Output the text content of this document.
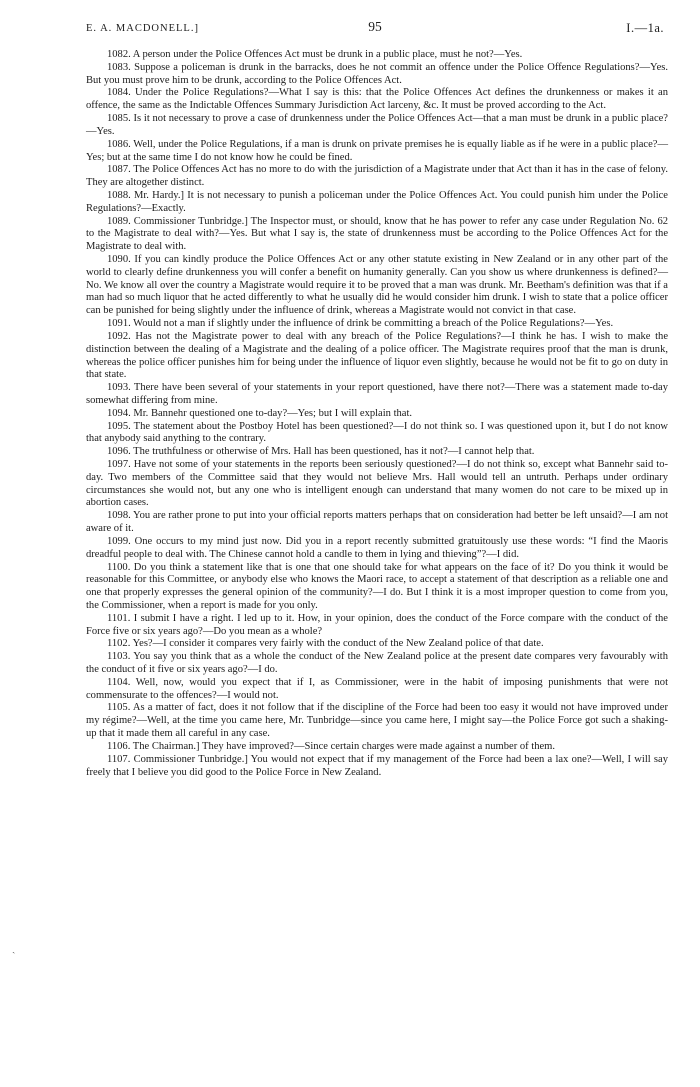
E. A. MACDONELL.]	95	I.—1a.

1082. A person under the Police Offences Act must be drunk in a public place, must he not?—Yes.

1083. Suppose a policeman is drunk in the barracks, does he not commit an offence under the Police Offence Regulations?—Yes. But you must prove him to be drunk, according to the Police Offences Act.

1084. Under the Police Regulations?—What I say is this: that the Police Offences Act defines the drunkenness or makes it an offence, the same as the Indictable Offences Summary Jurisdiction Act larceny, &c. It must be proved according to the Act.

1085. Is it not necessary to prove a case of drunkenness under the Police Offences Act—that a man must be drunk in a public place?—Yes.

1086. Well, under the Police Regulations, if a man is drunk on private premises he is equally liable as if he were in a public place?—Yes; but at the same time I do not know how he could be fined.

1087. The Police Offences Act has no more to do with the jurisdiction of a Magistrate under that Act than it has in the case of felony. They are altogether distinct.

1088. Mr. Hardy.] It is not necessary to punish a policeman under the Police Offences Act. You could punish him under the Police Regulations?—Exactly.

1089. Commissioner Tunbridge.] The Inspector must, or should, know that he has power to refer any case under Regulation No. 62 to the Magistrate to deal with?—Yes. But what I say is, the state of drunkenness must be according to the Police Offences Act for the Magistrate to deal with.

1090. If you can kindly produce the Police Offences Act or any other statute existing in New Zealand or in any other part of the world to clearly define drunkenness you will confer a benefit on humanity generally. Can you show us where drunkenness is defined?—No. We know all over the country a Magistrate would require it to be proved that a man was drunk. Mr. Beetham's definition was that if a man had so much liquor that he acted differently to what he usually did he would consider him drunk. I wish to state that a police officer can be punished for being slightly under the influence of drink, whereas a Magistrate would not convict in that case.

1091. Would not a man if slightly under the influence of drink be committing a breach of the Police Regulations?—Yes.

1092. Has not the Magistrate power to deal with any breach of the Police Regulations?—I think he has. I wish to make the distinction between the dealing of a Magistrate and the dealing of a police officer. The Magistrate requires proof that the man is drunk, whereas the police officer punishes him for being under the influence of liquor even slightly, because he would not be fit to go on duty in that state.

1093. There have been several of your statements in your report questioned, have there not?—There was a statement made to-day somewhat differing from mine.

1094. Mr. Bannehr questioned one to-day?—Yes; but I will explain that.

1095. The statement about the Postboy Hotel has been questioned?—I do not think so. I was questioned upon it, but I do not know that anybody said anything to the contrary.

1096. The truthfulness or otherwise of Mrs. Hall has been questioned, has it not?—I cannot help that.

1097. Have not some of your statements in the reports been seriously questioned?—I do not think so, except what Bannehr said to-day. Two members of the Committee said that they would not believe Mrs. Hall would tell an untruth. Perhaps under ordinary circumstances she would not, but any one who is intelligent enough can understand that many women do not care to be mixed up in abortion cases.

1098. You are rather prone to put into your official reports matters perhaps that on consideration had better be left unsaid?—I am not aware of it.

1099. One occurs to my mind just now. Did you in a report recently submitted gratuitously use these words: “I find the Maoris dreadful people to deal with. The Chinese cannot hold a candle to them in lying and thieving”?—I did.

1100. Do you think a statement like that is one that one should take for what appears on the face of it? Do you think it would be reasonable for this Committee, or anybody else who knows the Maori race, to accept a statement of that description as a reliable one and one that properly expresses the general opinion of the community?—I do. But I think it is a most improper question to come from you, the Commissioner, when a report is made for you only.

1101. I submit I have a right. I led up to it. How, in your opinion, does the conduct of the Force compare with the conduct of the Force five or six years ago?—Do you mean as a whole?

1102. Yes?—I consider it compares very fairly with the conduct of the New Zealand police of that date.

1103. You say you think that as a whole the conduct of the New Zealand police at the present date compares very favourably with the conduct of it five or six years ago?—I do.

1104. Well, now, would you expect that if I, as Commissioner, were in the habit of imposing punishments that were not commensurate to the offences?—I would not.

1105. As a matter of fact, does it not follow that if the discipline of the Force had been too easy it would not have improved under my régime?—Well, at the time you came here, Mr. Tunbridge—since you came here, I might say—the Police Force got such a shaking-up that it made them all careful in any case.

1106. The Chairman.] They have improved?—Since certain charges were made against a number of them.

1107. Commissioner Tunbridge.] You would not expect that if my management of the Force had been a lax one?—Well, I will say freely that I believe you did good to the Police Force in New Zealand.

ˎ
